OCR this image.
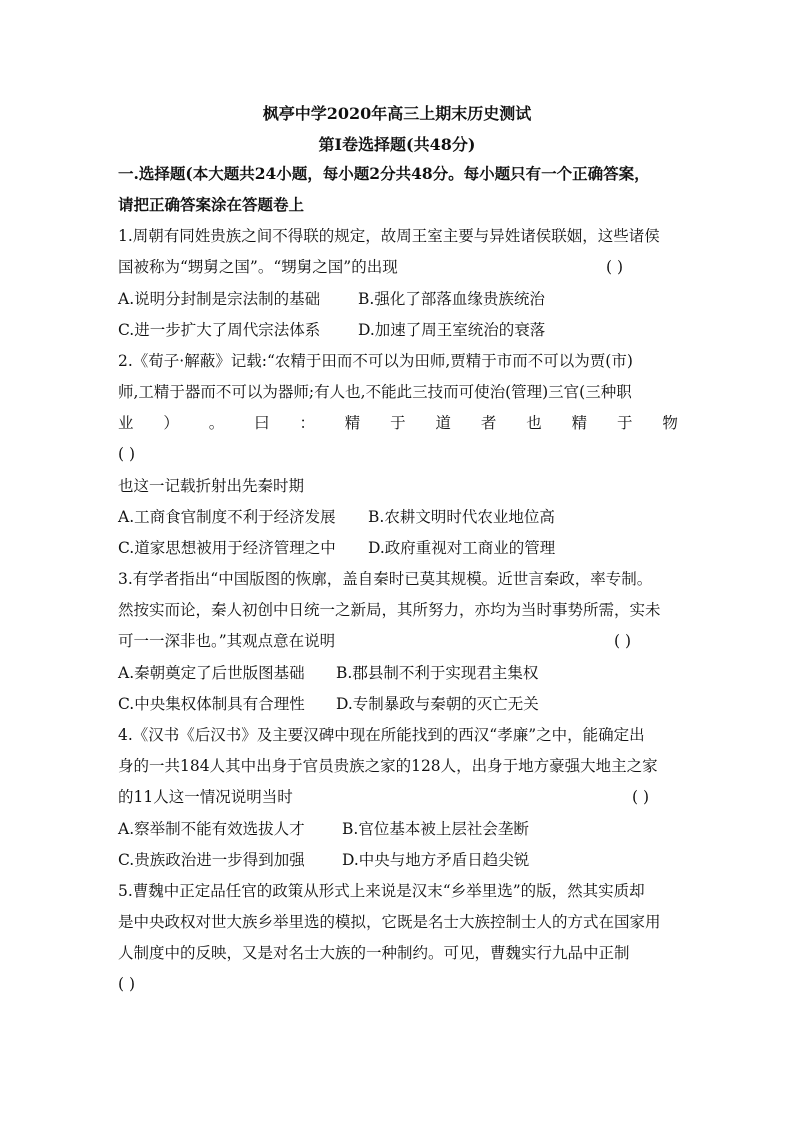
枫亭中学2020年高三上期末历史测试
第Ⅰ卷选择题(共48分)
一.选择题(本大题共24小题，每小题2分共48分。每小题只有一个正确答案，
请把正确答案涂在答题卷上
1.周朝有同姓贵族之间不得联的规定，故周王室主要与异姓诸侯联姻，这些诸侯
国被称为“甥舅之国”。“甥舅之国”的出现	( )
A.说明分封制是宗法制的基础 B.强化了部落血缘贵族统治
C.进一步扩大了周代宗法体系 D.加速了周王室统治的衰落
2.《荀子·解蔽》记载:“农精于田而不可以为田师,贾精于市而不可以为贾(市)
师,工精于器而不可以为器师;有人也,不能此三技而可使治(管理)三官(三种职
业 ） 。 曰 ： 精 于 道 者 也 精 于 物
( )
也这一记载折射出先秦时期
A.工商食官制度不利于经济发展 B.农耕文明时代农业地位高
C.道家思想被用于经济管理之中 D.政府重视对工商业的管理
3.有学者指出“中国版图的恢廓，盖自秦时已莫其规模。近世言秦政，率专制。
然按实而论，秦人初创中日统一之新局，其所努力，亦均为当时事势所需，实未
可一一深非也。”其观点意在说明	( )
A.秦朝奠定了后世版图基础 B.郡县制不利于实现君主集权
C.中央集权体制具有合理性 D.专制暴政与秦朝的灭亡无关
4.《汉书《后汉书》及主要汉碑中现在所能找到的西汉“孝廉”之中，能确定出
身的一共184人其中出身于官员贵族之家的128人，出身于地方豪强大地主之家
的11人这一情况说明当时	( )
A.察举制不能有效选拔人才 B.官位基本被上层社会垄断
C.贵族政治进一步得到加强 D.中央与地方矛盾日趋尖锐
5.曹魏中正定品任官的政策从形式上来说是汉末“乡举里选”的版，然其实质却
是中央政权对世大族乡举里选的模拟，它既是名士大族控制士人的方式在国家用
人制度中的反映，又是对名士大族的一种制约。可见，曹魏实行九品中正制
( )
